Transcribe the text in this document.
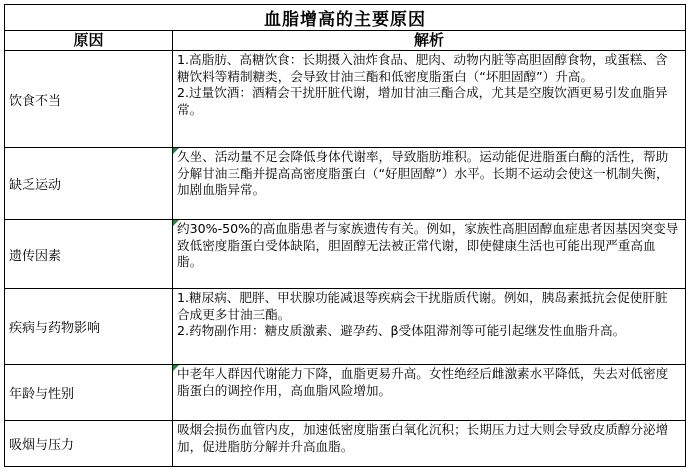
血脂增高的主要原因	
原因	解析
饮食不当	1.高脂肪、高糖饮食：长期摄入油炸食品、肥肉、动物内脏等高胆固醇食物，或蛋糕、含糖饮料等精制糖类，会导致甘油三酯和低密度脂蛋白（“坏胆固醇”）升高。
2.过量饮酒：酒精会干扰肝脏代谢，增加甘油三酯合成，尤其是空腹饮酒更易引发血脂异常。

缺乏运动	久坐、活动量不足会降低身体代谢率，导致脂肪堆积。运动能促进脂蛋白酶的活性，帮助分解甘油三酯并提高高密度脂蛋白（“好胆固醇”）水平。长期不运动会使这一机制失衡，加剧血脂异常。

遗传因素	约30%-50%的高血脂患者与家族遗传有关。例如，家族性高胆固醇血症患者因基因突变导致低密度脂蛋白受体缺陷，胆固醇无法被正常代谢，即使健康生活也可能出现严重高血脂。

疾病与药物影响	1.糖尿病、肥胖、甲状腺功能减退等疾病会干扰脂质代谢。例如，胰岛素抵抗会促使肝脏合成更多甘油三酯。
2.药物副作用：糖皮质激素、避孕药、β受体阻滞剂等可能引起继发性血脂升高。

年龄与性别	中老年人群因代谢能力下降，血脂更易升高。女性绝经后雌激素水平降低，失去对低密度脂蛋白的调控作用，高血脂风险增加。

吸烟与压力	吸烟会损伤血管内皮，加速低密度脂蛋白氧化沉积；长期压力过大则会导致皮质醇分泌增加，促进脂肪分解并升高血脂。
